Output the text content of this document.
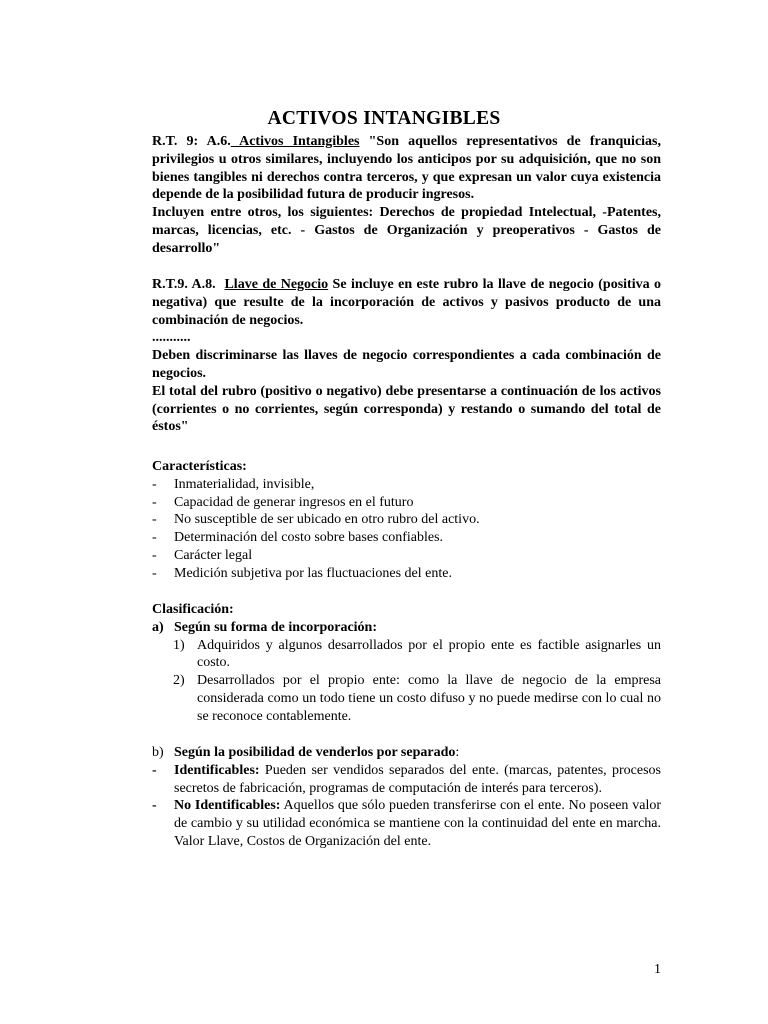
ACTIVOS INTANGIBLES

R.T. 9: A.6. Activos Intangibles "Son aquellos representativos de franquicias, privilegios u otros similares, incluyendo los anticipos por su adquisición, que no son bienes tangibles ni derechos contra terceros, y que expresan un valor cuya existencia depende de la posibilidad futura de producir ingresos.

Incluyen entre otros, los siguientes: Derechos de propiedad Intelectual, -Patentes, marcas, licencias, etc. - Gastos de Organización y preoperativos - Gastos de desarrollo"

R.T.9. A.8. Llave de Negocio Se incluye en este rubro la llave de negocio (positiva o negativa) que resulte de la incorporación de activos y pasivos producto de una combinación de negocios.

...........

Deben discriminarse las llaves de negocio correspondientes a cada combinación de negocios.

El total del rubro (positivo o negativo) debe presentarse a continuación de los activos (corrientes o no corrientes, según corresponda) y restando o sumando del total de éstos"

Características:

- Inmaterialidad, invisible,
- Capacidad de generar ingresos en el futuro
- No susceptible de ser ubicado en otro rubro del activo.
- Determinación del costo sobre bases confiables.
- Carácter legal
- Medición subjetiva por las fluctuaciones del ente.

Clasificación:

a) Según su forma de incorporación:
1) Adquiridos y algunos desarrollados por el propio ente es factible asignarles un costo.
2) Desarrollados por el propio ente: como la llave de negocio de la empresa considerada como un todo tiene un costo difuso y no puede medirse con lo cual no se reconoce contablemente.
b) Según la posibilidad de venderlos por separado:
- Identificables: Pueden ser vendidos separados del ente. (marcas, patentes, procesos secretos de fabricación, programas de computación de interés para terceros).
- No Identificables: Aquellos que sólo pueden transferirse con el ente. No poseen valor de cambio y su utilidad económica se mantiene con la continuidad del ente en marcha. Valor Llave, Costos de Organización del ente.
1
